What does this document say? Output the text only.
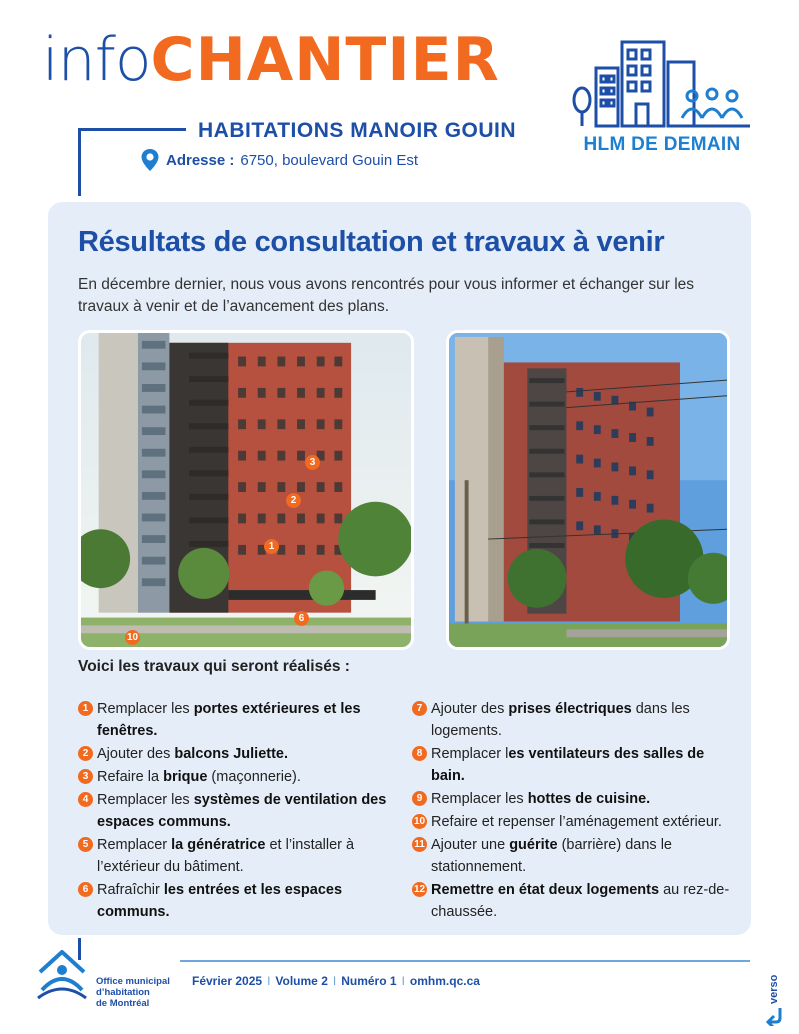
infoCHANTIER
HABITATIONS MANOIR GOUIN
Adresse : 6750, boulevard Gouin Est
HLM DE DEMAIN
Résultats de consultation et travaux à venir
En décembre dernier, nous vous avons rencontrés pour vous informer et échanger sur les travaux à venir et de l’avancement des plans.
3
2
1
6
10
Voici les travaux qui seront réalisés :
1 Remplacer les portes extérieures et les fenêtres.
2 Ajouter des balcons Juliette.
3 Refaire la brique (maçonnerie).
4 Remplacer les systèmes de ventilation des espaces communs.
5 Remplacer la génératrice et l’installer à l’extérieur du bâtiment.
6 Rafraîchir les entrées et les espaces communs.
7 Ajouter des prises électriques dans les logements.
8 Remplacer les ventilateurs des salles de bain.
9 Remplacer les hottes de cuisine.
10 Refaire et repenser l’aménagement extérieur.
11 Ajouter une guérite (barrière) dans le stationnement.
12 Remettre en état deux logements au rez-de-chaussée.
Office municipal
d’habitation
de Montréal
Février 2025 I Volume 2 I Numéro 1 I omhm.qc.ca	verso
